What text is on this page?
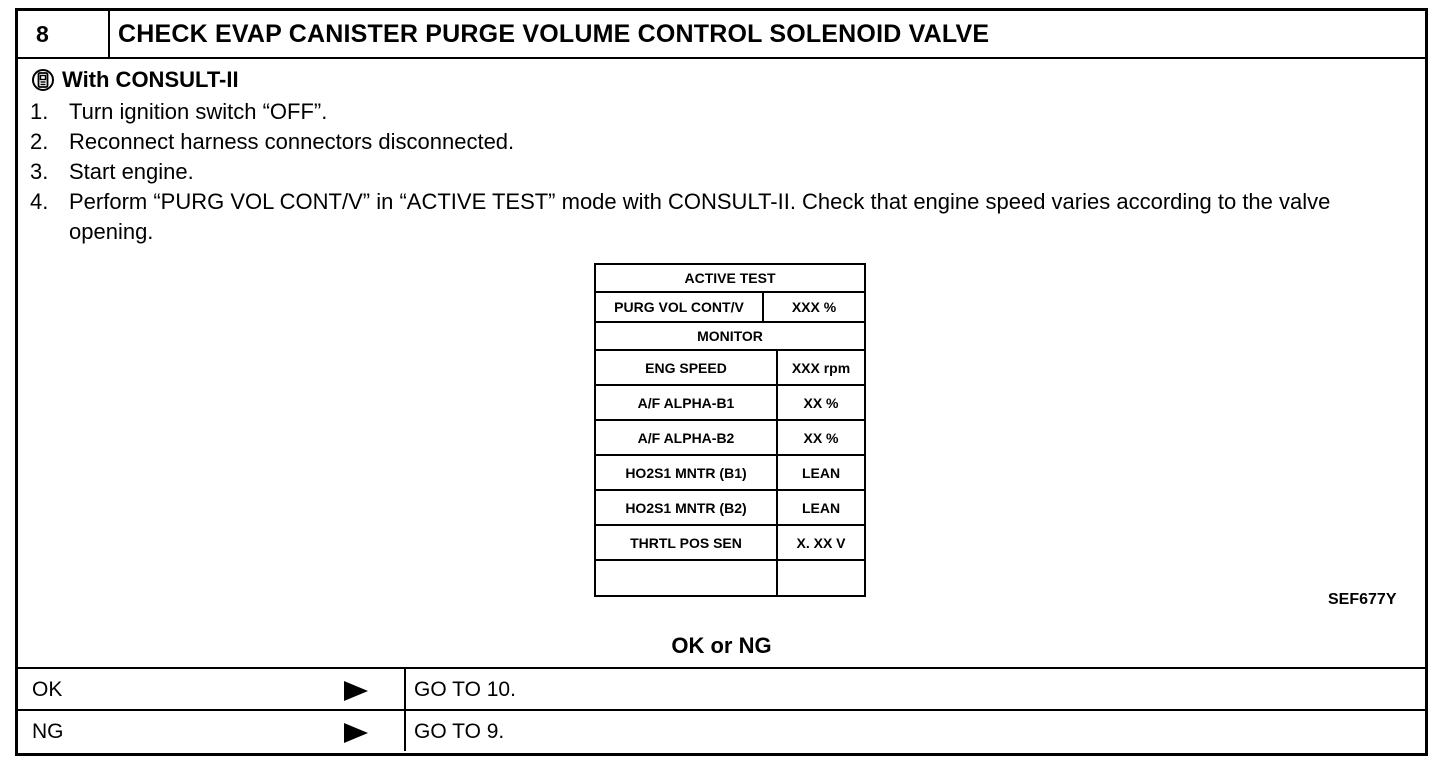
8	CHECK EVAP CANISTER PURGE VOLUME CONTROL SOLENOID VALVE
With CONSULT-II
1. Turn ignition switch “OFF”.
2. Reconnect harness connectors disconnected.
3. Start engine.
4. Perform “PURG VOL CONT/V” in “ACTIVE TEST” mode with CONSULT-II. Check that engine speed varies according to the valve opening.
ACTIVE TEST
PURG VOL CONT/V	XXX %
MONITOR
ENG SPEED	XXX rpm
A/F ALPHA-B1	XX %
A/F ALPHA-B2	XX %
HO2S1 MNTR (B1)	LEAN
HO2S1 MNTR (B2)	LEAN
THRTL POS SEN	X. XX V
SEF677Y
OK or NG
OK	GO TO 10.
NG	GO TO 9.
